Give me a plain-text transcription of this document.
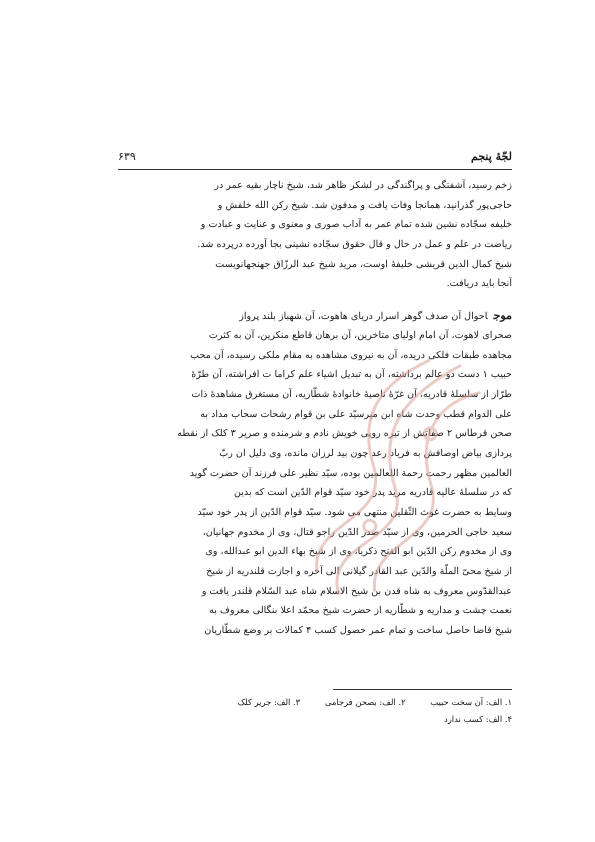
لجّهٔ پنجم
۶۳۹
زخم رسید، آشفتگی و پراگندگی در لشکر ظاهر شد، شیخ ناچار بقیه عمر در
حاجی‌پور گذرانید، همانجا وفات یافت و مدفون شد. شیخ رکن الله خلفش و
خلیفه سجّاده نشین شده تمام عمر به آداب صوری و معنوی و عنایت و عبادت و
ریاضت در علم و عمل در حال و قال حقوق سجّاده نشینی بجا آورده درپرده شد.
شیخ کمال الدین قریشی خلیفهٔ اوست، مرید شیخ عبد الرزّاق جهنجهانویست
آنجا باید دریافت.
موجاحوال آن صدف گوهر اسرار دریای هاهوت، آن شهباز بلند پرواز
صحرای لاهوت، آن امام اولیای متاخرین، آن برهان قاطع منکرین، آن به کثرت
مجاهده طبقات فلکی دریده، آن به نیروی مشاهده به مقام ملکی رسیده، آن محب
حبیب ۱ دست دو عالم برداشته، آن به تبدیل اشیاء علم کراما ت افراشته، آن طرّهٔ
طرّار از سلسلهٔ قادریه، آن غرّهٔ ناصیهٔ خانوادهٔ شطّاریه، آن مستغرق مشاهدهٔ ذات
علی الدوام قطب وحدت شاه ابن میرسیّد علی بن قوام رشحات سحاب مداد به
صحن قرطاس ۲ صفاتش از تیره روپی خویش نادم و شرمنده و صریر ۳ کلک از نقطه
پردازی بیاض اوصافش به فریاد رعد چون بید لرزان مانده، وی دلیل ان ربّ
العالمین مظهر رحمت رحمة اللعالمین بوده، سیّد نظیر علی فرزند آن حضرت گوید
که در سلسلهٔ عالیه قادریه مرید پدر خود سیّد قوام الدّین است که بدین
وسایط به حضرت غوث الثّقلین منتهی می شود. سیّد قوام الدّین از پدر خود سیّد
سعید حاجی الحرمین، وی از سیّد صدر الدّین راجو قتال، وی از مخدوم جهانیان،
وی از مخدوم رکن الدّین ابو الفتح ذکریا، وی از شیخ بهاء الدین ابو عبدالله، وی
از شیخ محیّ الملّة والدّین عبد القادر گیلانی الی آخره و اجازت قلندریه از شیخ
عبدالقدّوس معروف به شاه قدن بن شیخ الاسلام شاه عبد السّلام قلندر یافت و
نعمت چشت و مداریه و شطّاریه از حضرت شیخ محمّد اعلا بنگالی معروف به
شیخ قاضا حاصل ساخت و تمام عمر حصول کسب ۴ کمالات بر وضع شطّاریان
۱. الف: آن سخت حبیب ۲. الف: بصحن فرجامی ۳. الف: جریر کلک
۴. الف: کسب ندارد
